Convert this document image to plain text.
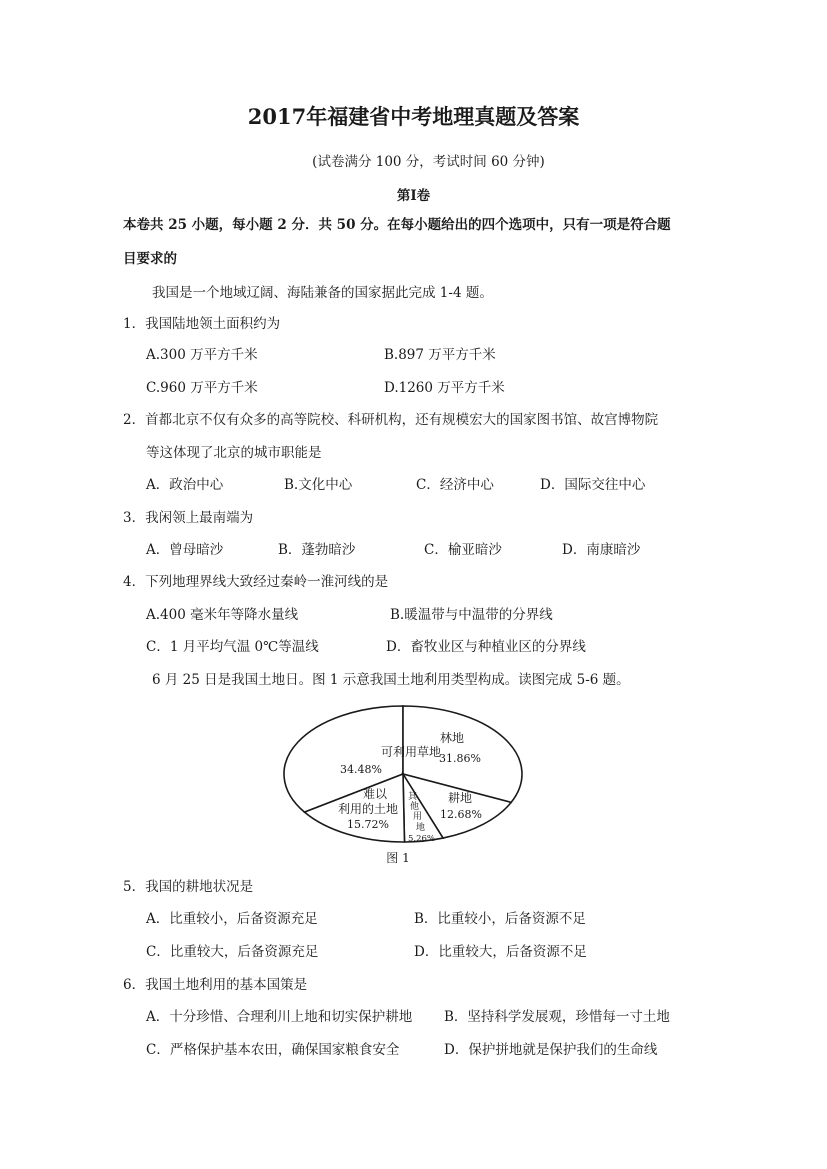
2017年福建省中考地理真题及答案
(试卷满分 100 分，考试时间 60 分钟)
第Ⅰ卷
本卷共 25 小题，每小题 2 分．共 50 分。在每小题给出的四个选项中，只有一项是符合题
目要求的
我国是一个地域辽阔、海陆兼备的国家据此完成 1-4 题。
1．我国陆地领土面积约为
A.300 万平方千米	B.897 万平方千米
C.960 万平方千米	D.1260 万平方千米
2．首都北京不仅有众多的高等院校、科研机构，还有规模宏大的国家图书馆、故宫博物院
等这体现了北京的城市职能是
A．政治中心	B.文化中心	C．经济中心	D．国际交往中心
3．我闲领上最南端为
A．曾母暗沙	B．蓬勃暗沙	C．榆亚暗沙	D．南康暗沙
4．下列地理界线大致经过秦岭一淮河线的是
A.400 毫米年等降水量线	B.暖温带与中温带的分界线
C．1 月平均气温 0℃等温线	D．畜牧业区与种植业区的分界线
6 月 25 日是我国土地日。图 1 示意我国土地利用类型构成。读图完成 5-6 题。
可利用草地
34.48%
林地
31.86%
耕地
12.68%
其
他
用
地
5.26%
难以
利用的土地
15.72%
图 1
5．我国的耕地状况是
A．比重较小，后备资源充足	B．比重较小，后备资源不足
C．比重较大，后备资源充足	D．比重较大，后备资源不足
6．我国土地利用的基本国策是
A．十分珍惜、合理利川上地和切实保护耕地 B．坚持科学发展观，珍惜每一寸土地
C．严格保护基本农田，确保国家粮食安全	D．保护拼地就是保护我们的生命线
